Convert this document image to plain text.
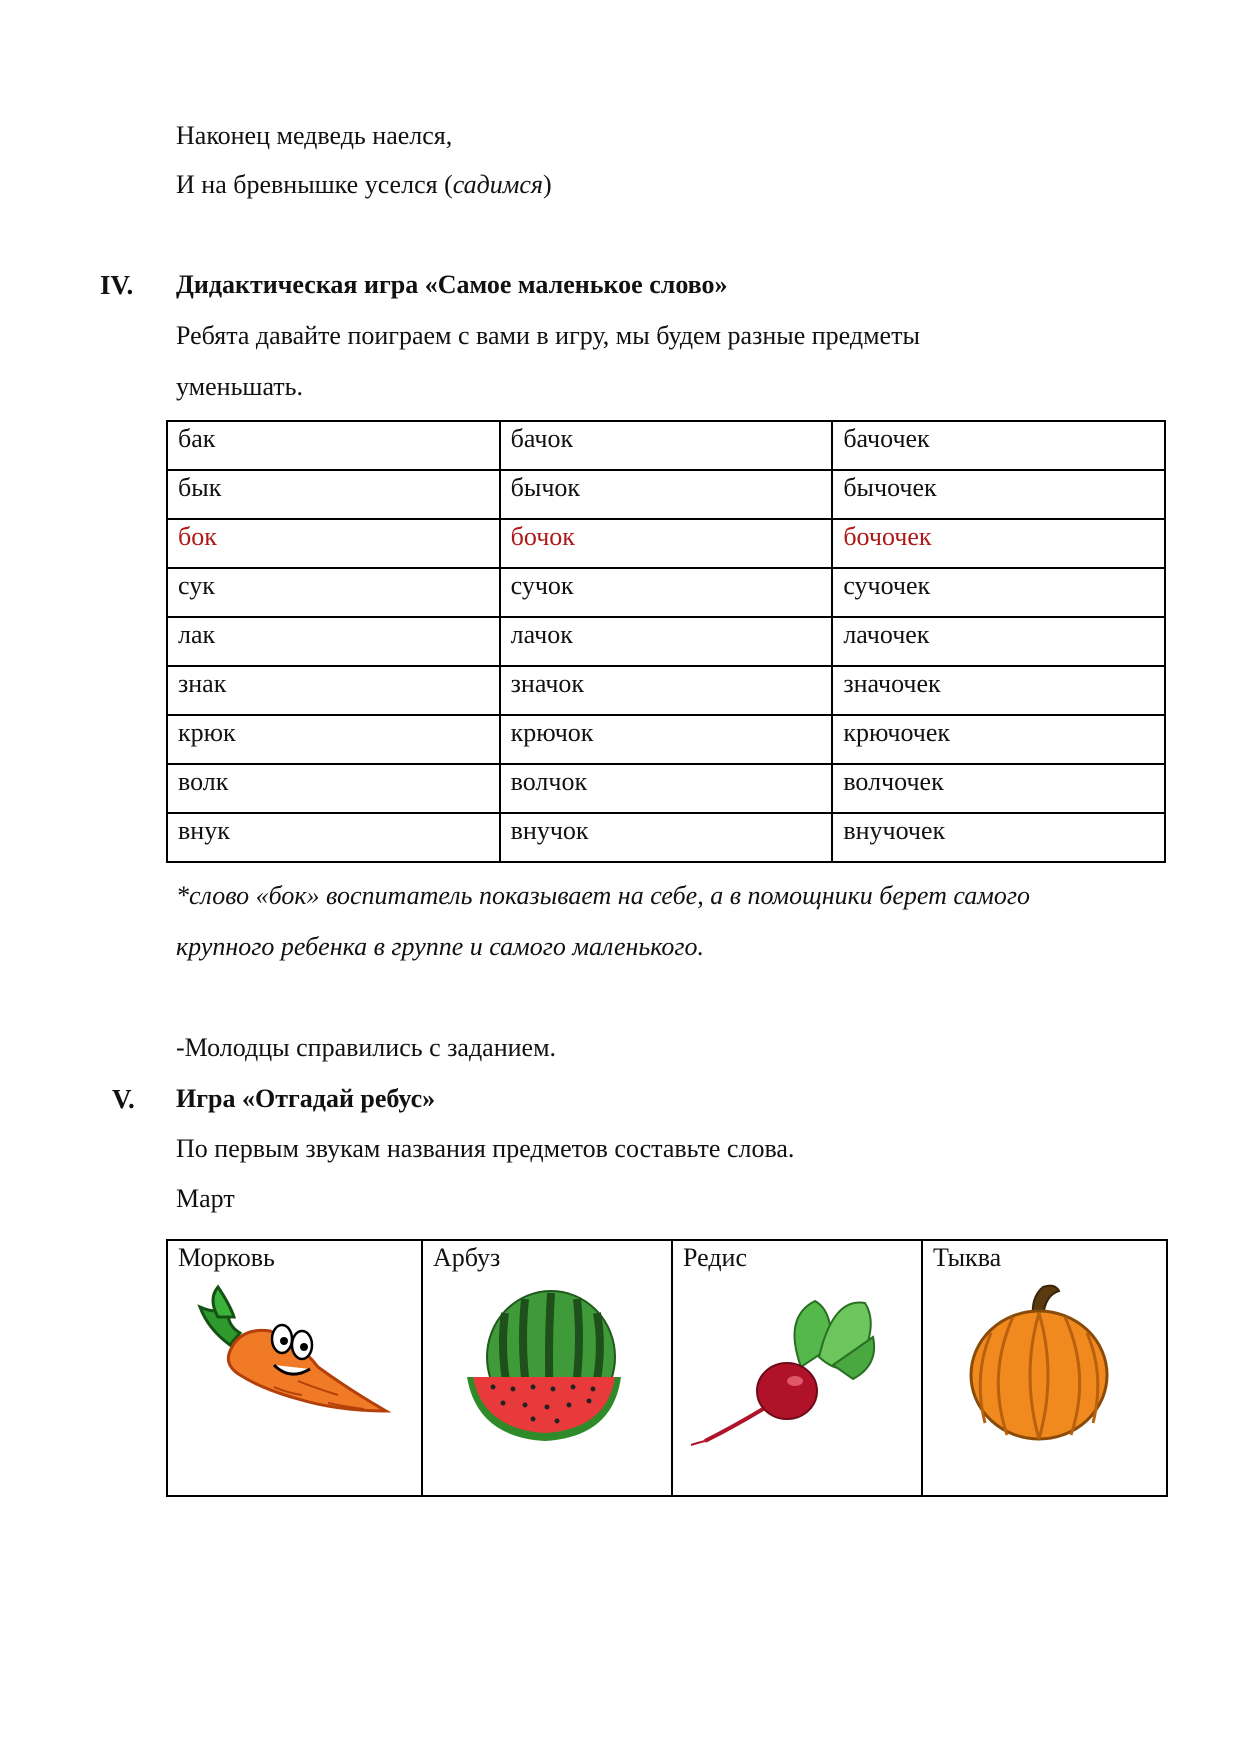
Наконец медведь наелся,
И на бревнышке уселся (садимся)
IV. Дидактическая игра «Самое маленькое слово»
Ребята давайте поиграем с вами в игру, мы будем разные предметы
уменьшать.
бак	бачок	бачочек
бык	бычок	бычочек
бок	бочок	бочочек
сук	сучок	сучочек
лак	лачок	лачочек
знак	значок	значочек
крюк	крючок	крючочек
волк	волчок	волчочек
внук	внучок	внучочек
*слово «бок» воспитатель показывает на себе, а в помощники берет самого
крупного ребенка в группе и самого маленького.
-Молодцы справились с заданием.
V. Игра «Отгадай ребус»
По первым звукам названия предметов составьте слова.
Март
Морковь	Арбуз	Редис	Тыква
